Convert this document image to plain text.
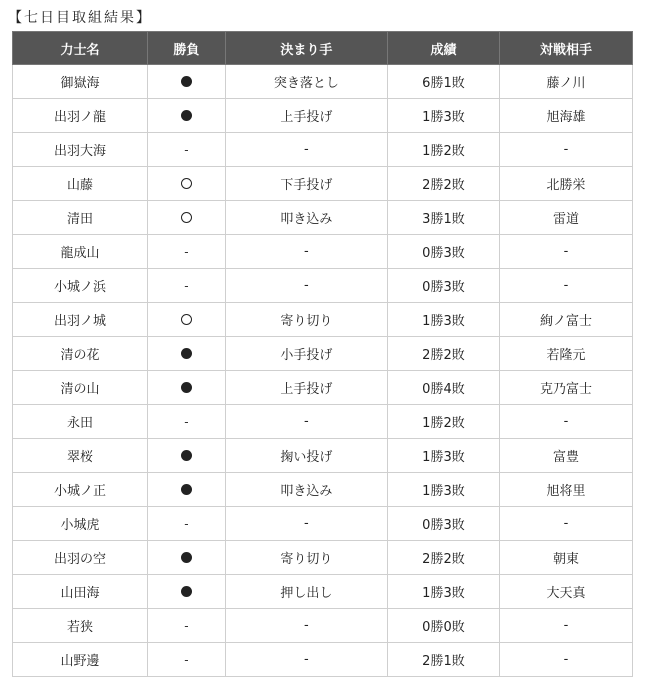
【七日目取組結果】
力士名	勝負	決まり手	成績	対戦相手
御嶽海		突き落とし	6勝1敗	藤ノ川
出羽ノ龍		上手投げ	1勝3敗	旭海雄
出羽大海	-	-	1勝2敗	-
山藤		下手投げ	2勝2敗	北勝栄
清田		叩き込み	3勝1敗	雷道
龍成山	-	-	0勝3敗	-
小城ノ浜	-	-	0勝3敗	-
出羽ノ城		寄り切り	1勝3敗	絢ノ富士
清の花		小手投げ	2勝2敗	若隆元
清の山		上手投げ	0勝4敗	克乃富士
永田	-	-	1勝2敗	-
翠桜		掬い投げ	1勝3敗	富豊
小城ノ正		叩き込み	1勝3敗	旭将里
小城虎	-	-	0勝3敗	-
出羽の空		寄り切り	2勝2敗	朝東
山田海		押し出し	1勝3敗	大天真
若狭	-	-	0勝0敗	-
山野邊	-	-	2勝1敗	-
